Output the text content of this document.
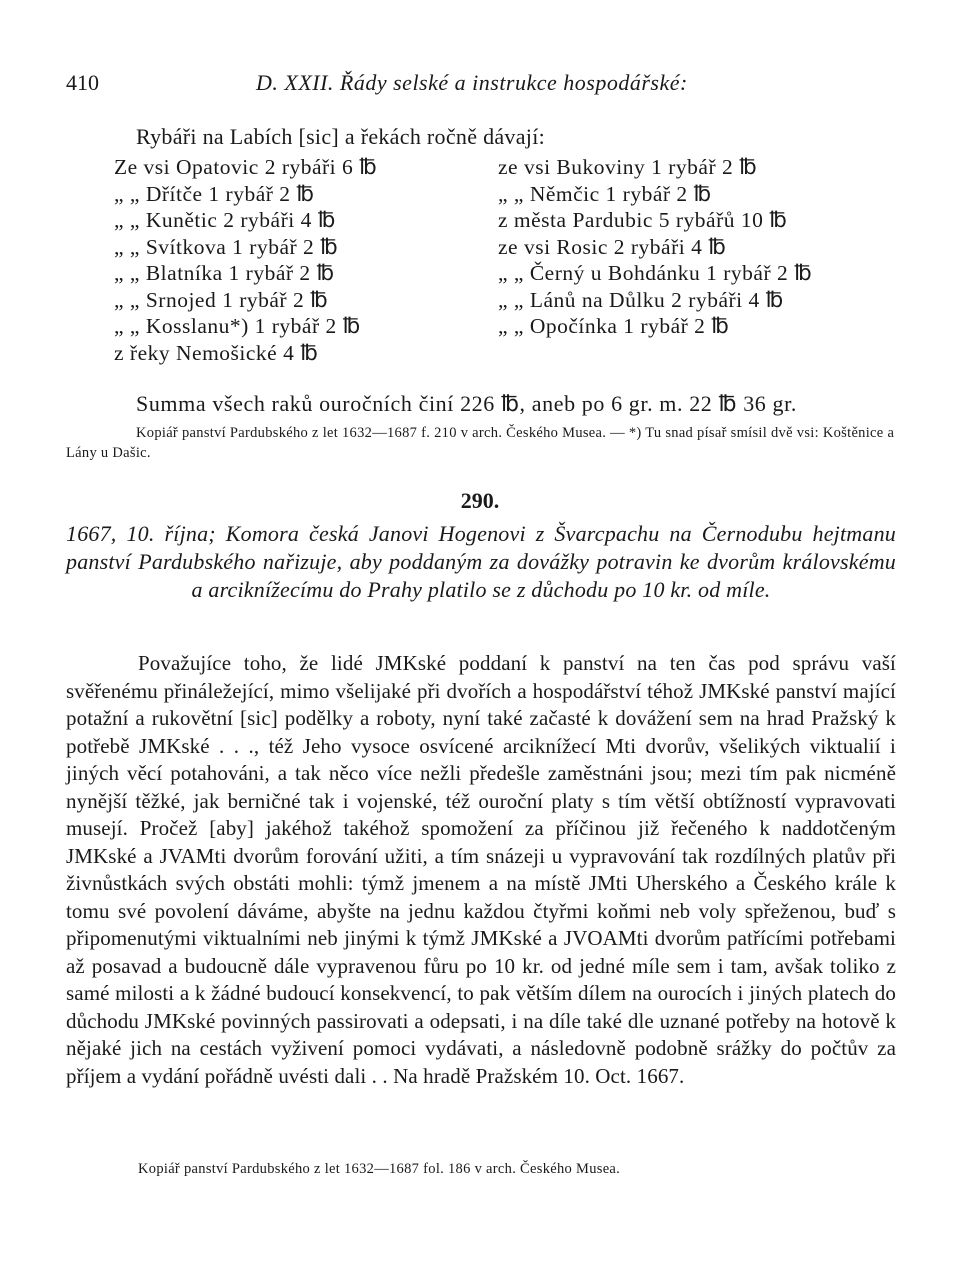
410	D. XXII. Řády selské a instrukce hospodářské:
Rybáři na Labích [sic] a řekách ročně dávají:
Ze vsi Opatovic 2 rybáři 6 ℔	ze vsi Bukoviny 1 rybář 2 ℔
„ „ Dřítče 1 rybář 2 ℔	„ „ Němčic 1 rybář 2 ℔
„ „ Kunětic 2 rybáři 4 ℔	z města Pardubic 5 rybářů 10 ℔
„ „ Svítkova 1 rybář 2 ℔	ze vsi Rosic 2 rybáři 4 ℔
„ „ Blatníka 1 rybář 2 ℔	„ „ Černý u Bohdánku 1 rybář 2 ℔
„ „ Srnojed 1 rybář 2 ℔	„ „ Lánů na Důlku 2 rybáři 4 ℔
„ „ Kosslanu*) 1 rybář 2 ℔	„ „ Opočínka 1 rybář 2 ℔
z řeky Nemošické 4 ℔
Summa všech raků ouročních činí 226 ℔, aneb po 6 gr. m. 22 ℔ 36 gr.
Kopiář panství Pardubského z let 1632—1687 f. 210 v arch. Českého Musea. — *) Tu snad písař smísil dvě vsi: Koštěnice a Lány u Dašic.
290.
1667, 10. října; Komora česká Janovi Hogenovi z Švarcpachu na Černodubu hejtmanu panství Pardubského nařizuje, aby poddaným za dovážky potravin ke dvorům královskému a arciknížecímu do Prahy platilo se z důchodu po 10 kr. od míle.
Považujíce toho, že lidé JMKské poddaní k panství na ten čas pod správu vaší svěřenému přináležející, mimo všelijaké při dvořích a hospodářství téhož JMKské panství mající potažní a rukovětní [sic] podělky a roboty, nyní také začasté k dovážení sem na hrad Pražský k potřebě JMKské . . ., též Jeho vysoce osvícené arciknížecí Mti dvorův, všelikých viktualií i jiných věcí potahováni, a tak něco více nežli předešle zaměstnáni jsou; mezi tím pak nicméně nynější těžké, jak berničné tak i vojenské, též ouroční platy s tím větší obtížností vypravovati musejí. Pročež [aby] jakéhož takéhož spomožení za příčinou již řečeného k naddotčeným JMKské a JVAMti dvorům forování užiti, a tím snázeji u vypravování tak rozdílných platův při živnůstkách svých obstáti mohli: týmž jmenem a na místě JMti Uherského a Českého krále k tomu své povolení dáváme, abyšte na jednu každou čtyřmi koňmi neb voly spřeženou, buď s připomenutými viktualními neb jinými k týmž JMKské a JVOAMti dvorům patřícími potřebami až posavad a budoucně dále vypravenou fůru po 10 kr. od jedné míle sem i tam, avšak toliko z samé milosti a k žádné budoucí konsekvencí, to pak větším dílem na ourocích i jiných platech do důchodu JMKské povinných passirovati a odepsati, i na díle také dle uznané potřeby na hotově k nějaké jich na cestách vyživení pomoci vydávati, a následovně podobně srážky do počtův za příjem a vydání pořádně uvésti dali . . Na hradě Pražském 10. Oct. 1667.
Kopiář panství Pardubského z let 1632—1687 fol. 186 v arch. Českého Musea.
